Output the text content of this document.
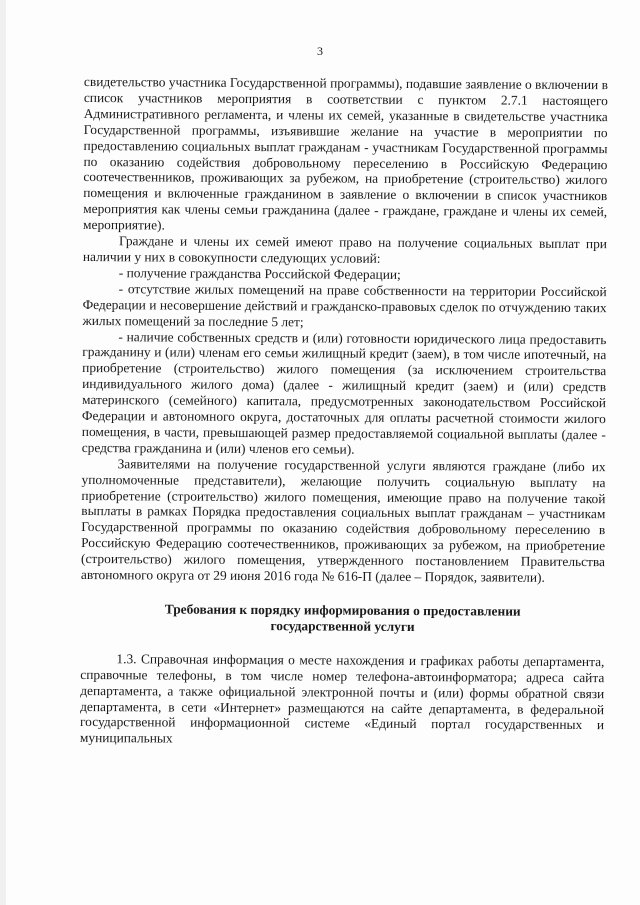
3

свидетельство участника Государственной программы), подавшие заявление о включении в список участников мероприятия в соответствии с пунктом 2.7.1 настоящего Административного регламента, и члены их семей, указанные в свидетельстве участника Государственной программы, изъявившие желание на участие в мероприятии по предоставлению социальных выплат гражданам - участникам Государственной программы по оказанию содействия добровольному переселению в Российскую Федерацию соотечественников, проживающих за рубежом, на приобретение (строительство) жилого помещения и включенные гражданином в заявление о включении в список участников мероприятия как члены семьи гражданина (далее - граждане, граждане и члены их семей, мероприятие).

Граждане и члены их семей имеют право на получение социальных выплат при наличии у них в совокупности следующих условий:

- получение гражданства Российской Федерации;

- отсутствие жилых помещений на праве собственности на территории Российской Федерации и несовершение действий и гражданско-правовых сделок по отчуждению таких жилых помещений за последние 5 лет;

- наличие собственных средств и (или) готовности юридического лица предоставить гражданину и (или) членам его семьи жилищный кредит (заем), в том числе ипотечный, на приобретение (строительство) жилого помещения (за исключением строительства индивидуального жилого дома) (далее - жилищный кредит (заем) и (или) средств материнского (семейного) капитала, предусмотренных законодательством Российской Федерации и автономного округа, достаточных для оплаты расчетной стоимости жилого помещения, в части, превышающей размер предоставляемой социальной выплаты (далее - средства гражданина и (или) членов его семьи).

Заявителями на получение государственной услуги являются граждане (либо их уполномоченные представители), желающие получить социальную выплату на приобретение (строительство) жилого помещения, имеющие право на получение такой выплаты в рамках Порядка предоставления социальных выплат гражданам – участникам Государственной программы по оказанию содействия добровольному переселению в Российскую Федерацию соотечественников, проживающих за рубежом, на приобретение (строительство) жилого помещения, утвержденного постановлением Правительства автономного округа от 29 июня 2016 года № 616-П (далее – Порядок, заявители).

Требования к порядку информирования о предоставлении
государственной услуги

1.3. Справочная информация о месте нахождения и графиках работы департамента, справочные телефоны, в том числе номер телефона-автоинформатора; адреса сайта департамента, а также официальной электронной почты и (или) формы обратной связи департамента, в сети «Интернет» размещаются на сайте департамента, в федеральной государственной информационной системе «Единый портал государственных и муниципальных
